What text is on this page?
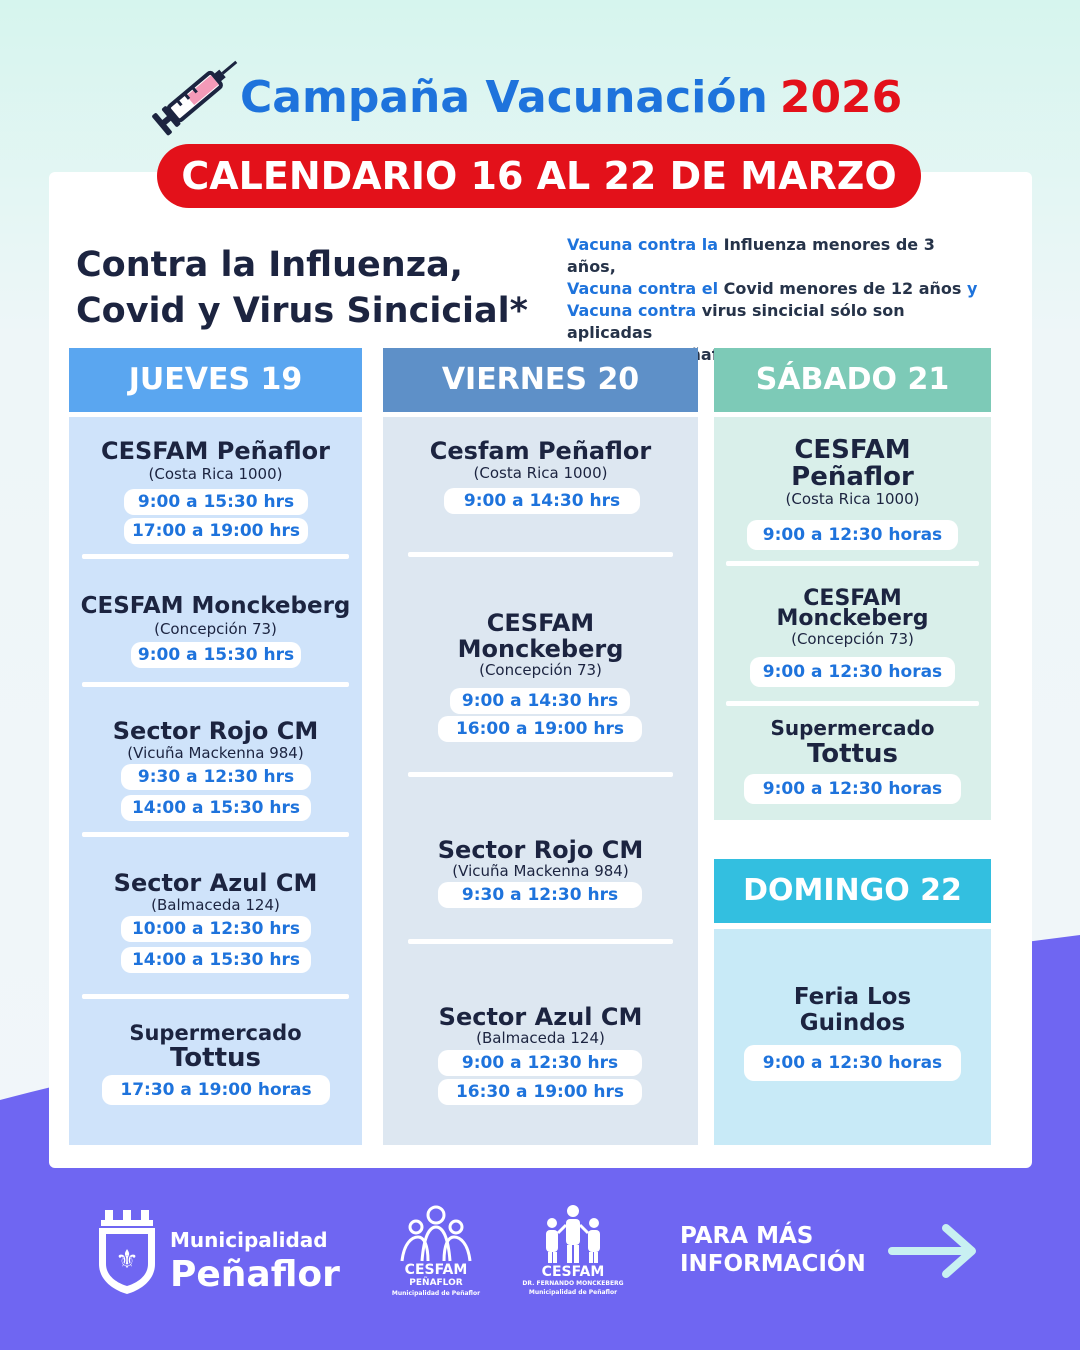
Campaña Vacunación 2026
CALENDARIO 16 AL 22 DE MARZO
Contra la Influenza,
Covid y Virus Sincicial*
Vacuna contra la Influenza menores de 3 años,
Vacuna contra el Covid menores de 12 años y
Vacuna contra virus sincicial sólo son aplicadas
Peñaflor
JUEVES 19
CESFAM Peñaflor
(Costa Rica 1000)
9:00 a 15:30 hrs
17:00 a 19:00 hrs
CESFAM Monckeberg
(Concepción 73)
9:00 a 15:30 hrs
Sector Rojo CM
(Vicuña Mackenna 984)
9:30 a 12:30 hrs
14:00 a 15:30 hrs
Sector Azul CM
(Balmaceda 124)
10:00 a 12:30 hrs
14:00 a 15:30 hrs
Supermercado
Tottus
17:30 a 19:00 horas
VIERNES 20
Cesfam Peñaflor
(Costa Rica 1000)
9:00 a 14:30 hrs
CESFAM
Monckeberg
(Concepción 73)
9:00 a 14:30 hrs
16:00 a 19:00 hrs
Sector Rojo CM
(Vicuña Mackenna 984)
9:30 a 12:30 hrs
Sector Azul CM
(Balmaceda 124)
9:00 a 12:30 hrs
16:30 a 19:00 hrs
SÁBADO 21
CESFAM
Peñaflor
(Costa Rica 1000)
9:00 a 12:30 horas
CESFAM
Monckeberg
(Concepción 73)
9:00 a 12:30 horas
Supermercado
Tottus
9:00 a 12:30 horas
DOMINGO 22
Feria Los
Guindos
9:00 a 12:30 horas
⚜
Municipalidad
Peñaflor	CESFAM
PEÑAFLOR
Municipalidad de Peñaflor
CESFAM
DR. FERNANDO MONCKEBERG
Municipalidad de Peñaflor
PARA MÁS
INFORMACIÓN
